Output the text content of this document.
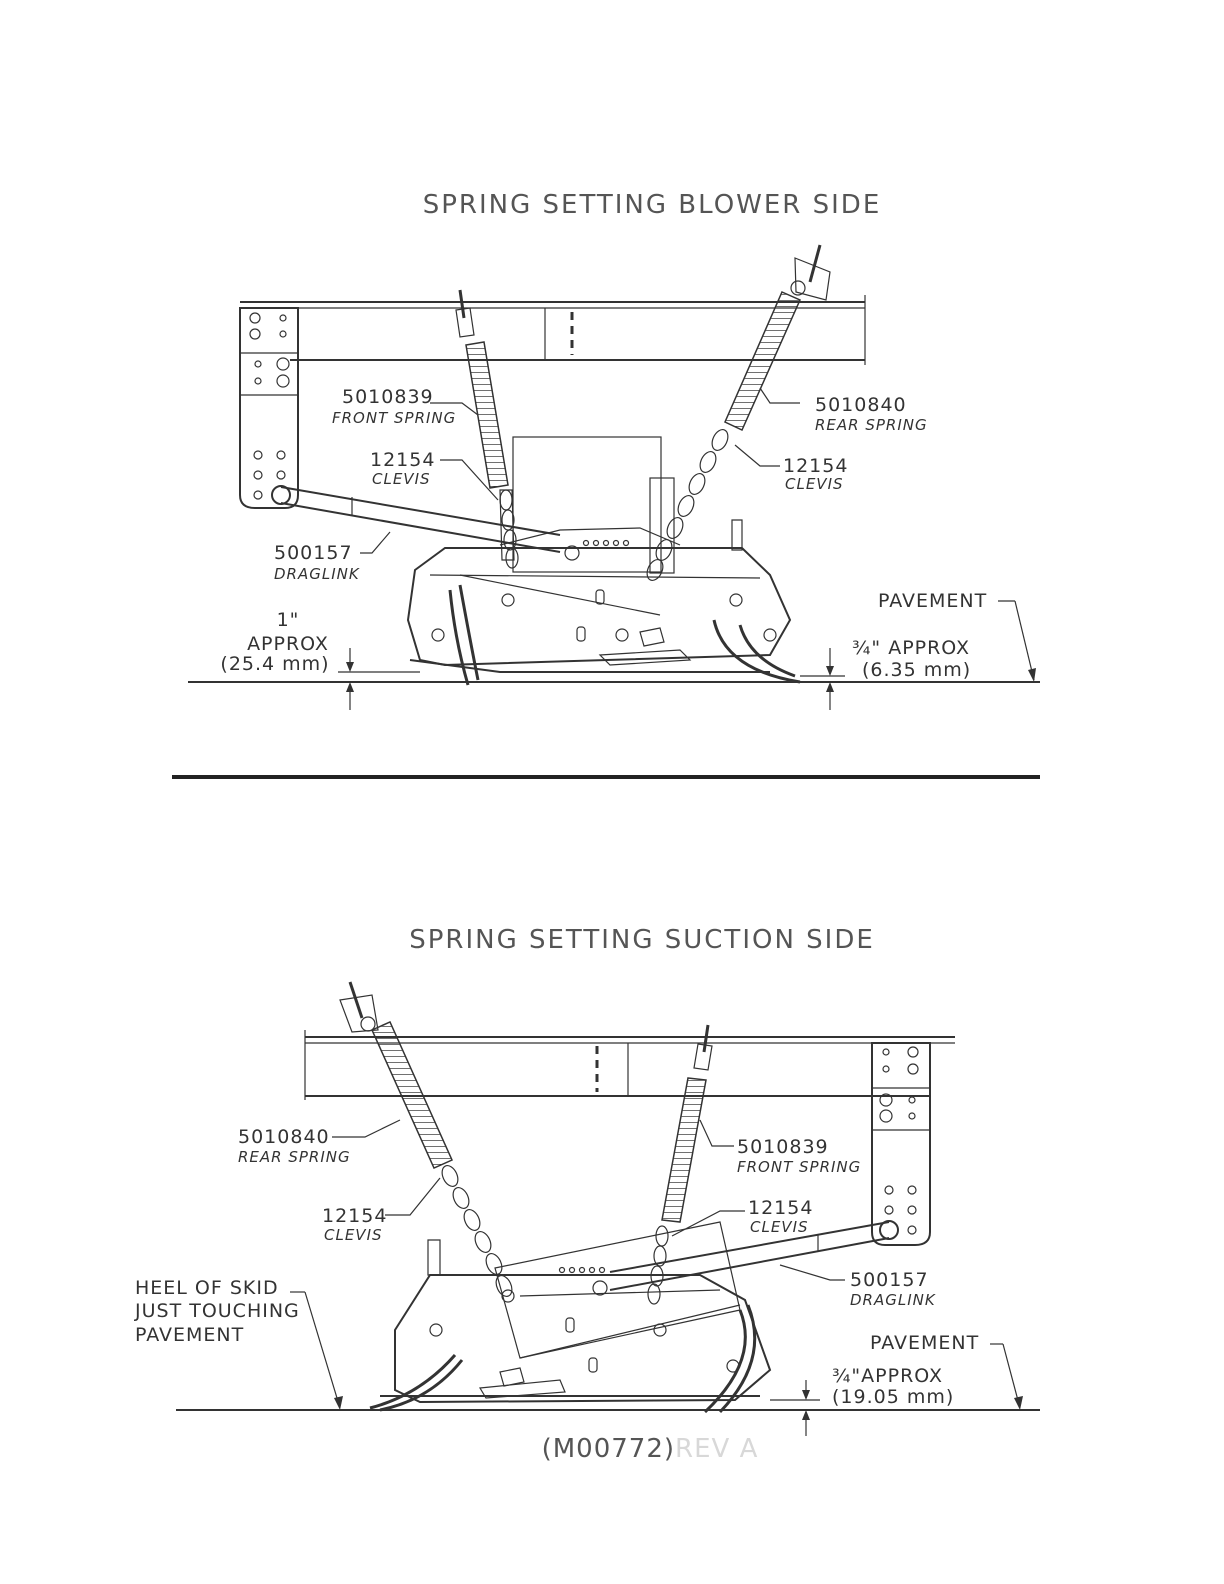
SPRING SETTING BLOWER SIDE
5010839
FRONT SPRING
5010840
REAR SPRING
12154
CLEVIS
12154
CLEVIS
500157
DRAGLINK
1"
APPROX
(25.4 mm)
¾" APPROX
(6.35 mm)
PAVEMENT
SPRING SETTING SUCTION SIDE
5010840
REAR SPRING	5010839
FRONT SPRING
12154
CLEVIS
12154
CLEVIS
500157
DRAGLINK
HEEL OF SKID
JUST TOUCHING
PAVEMENT
¾"APPROX
(19.05 mm)
PAVEMENT
(M00772)REV A
